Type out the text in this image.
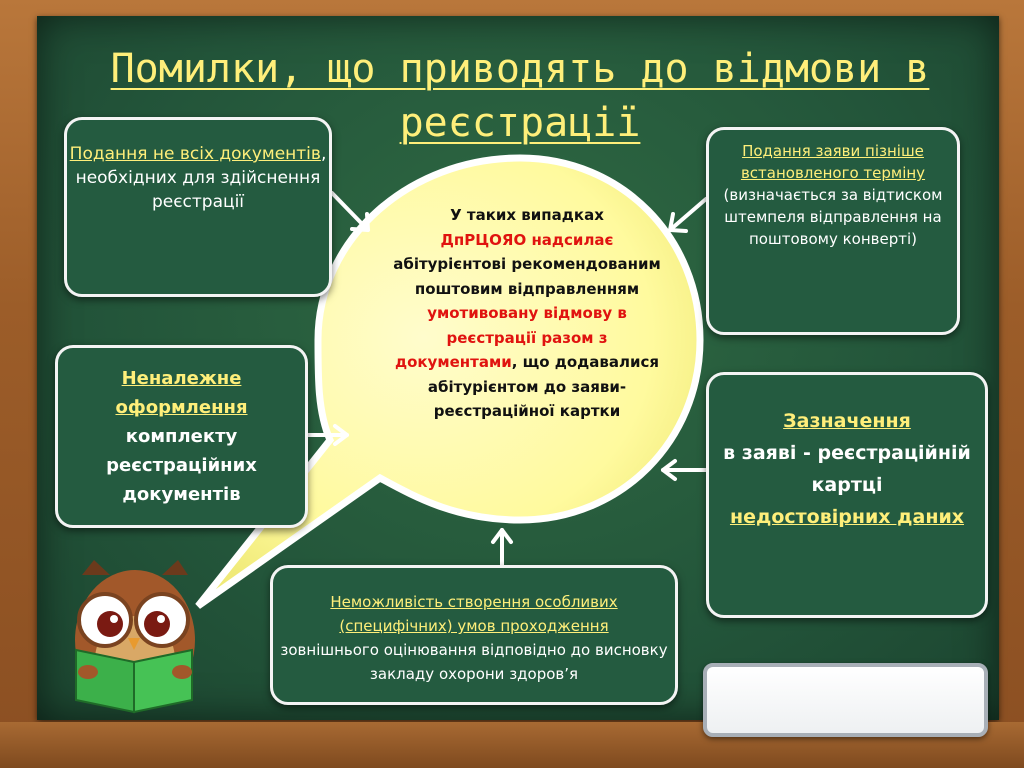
Помилки, що приводять до відмови в реєстрації
У таких випадках
ДпРЦОЯО надсилає
абітурієнтові рекомендованим поштовим відправленням
умотивовану відмову в реєстрації разом з документами, що додавалися абітурієнтом до заяви-реєстраційної картки
Подання не всіх документів, необхідних для здійснення реєстрації
Подання заяви пізніше встановленого терміну (визначається за відтиском штемпеля відправлення на поштовому конверті)
Неналежне оформлення
комплекту реєстраційних документів
Зазначення
в заяві - реєстраційній картці
недостовірних даних
Неможливість створення особливих (специфічних) умов проходження
зовнішнього оцінювання відповідно до висновку закладу охорони здоров’я
